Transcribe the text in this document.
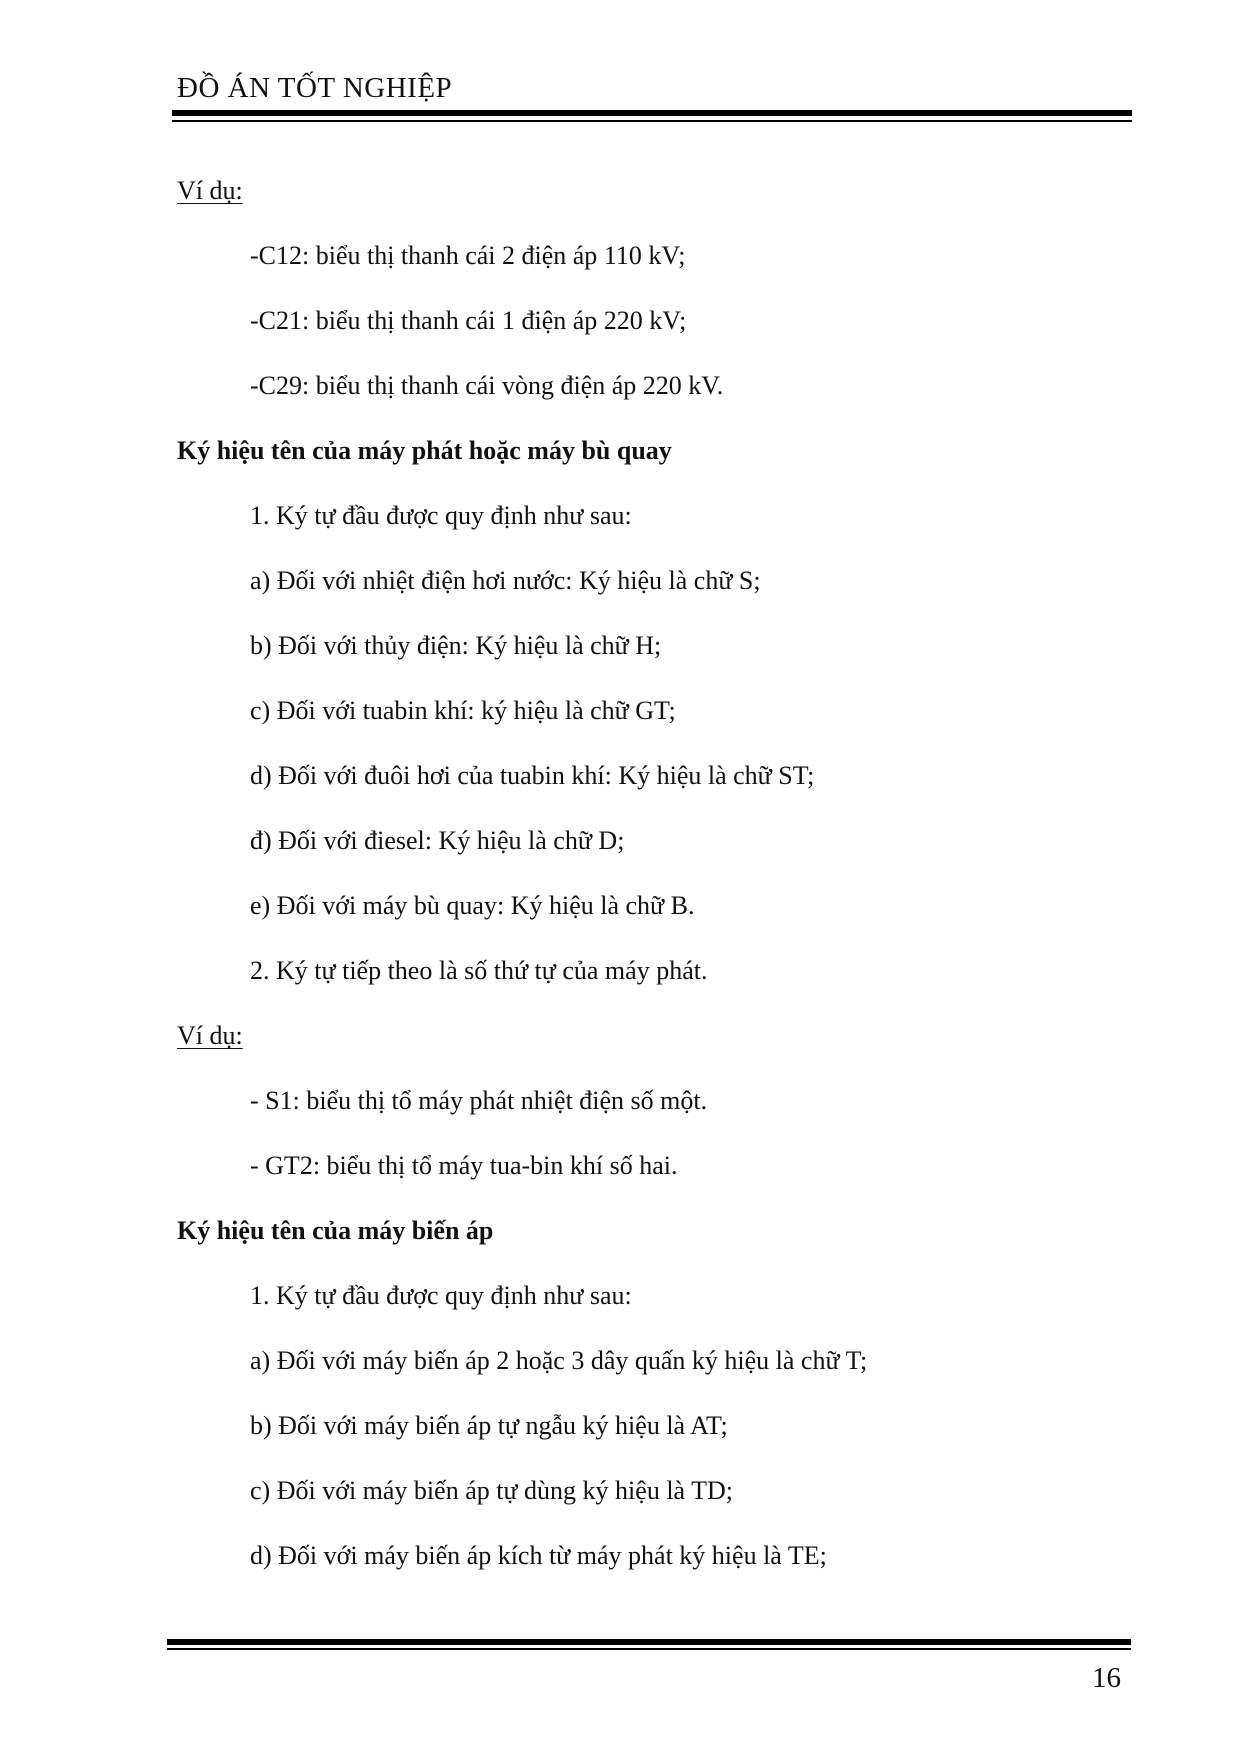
ĐỒ ÁN TỐT NGHIỆP
Ví dụ:
-C12: biểu thị thanh cái 2 điện áp 110 kV;
-C21: biểu thị thanh cái 1 điện áp 220 kV;
-C29: biểu thị thanh cái vòng điện áp 220 kV.
Ký hiệu tên của máy phát hoặc máy bù quay
1. Ký tự đầu được quy định như sau:
a) Đối với nhiệt điện hơi nước: Ký hiệu là chữ S;
b) Đối với thủy điện: Ký hiệu là chữ H;
c) Đối với tuabin khí: ký hiệu là chữ GT;
d) Đối với đuôi hơi của tuabin khí: Ký hiệu là chữ ST;
đ) Đối với điesel: Ký hiệu là chữ D;
e) Đối với máy bù quay: Ký hiệu là chữ B.
2. Ký tự tiếp theo là số thứ tự của máy phát.
Ví dụ:
- S1: biểu thị tổ máy phát nhiệt điện số một.
- GT2: biểu thị tổ máy tua-bin khí số hai.
Ký hiệu tên của máy biến áp
1. Ký tự đầu được quy định như sau:
a) Đối với máy biến áp 2 hoặc 3 dây quấn ký hiệu là chữ T;
b) Đối với máy biến áp tự ngẫu ký hiệu là AT;
c) Đối với máy biến áp tự dùng ký hiệu là TD;
d) Đối với máy biến áp kích từ máy phát ký hiệu là TE;
16
